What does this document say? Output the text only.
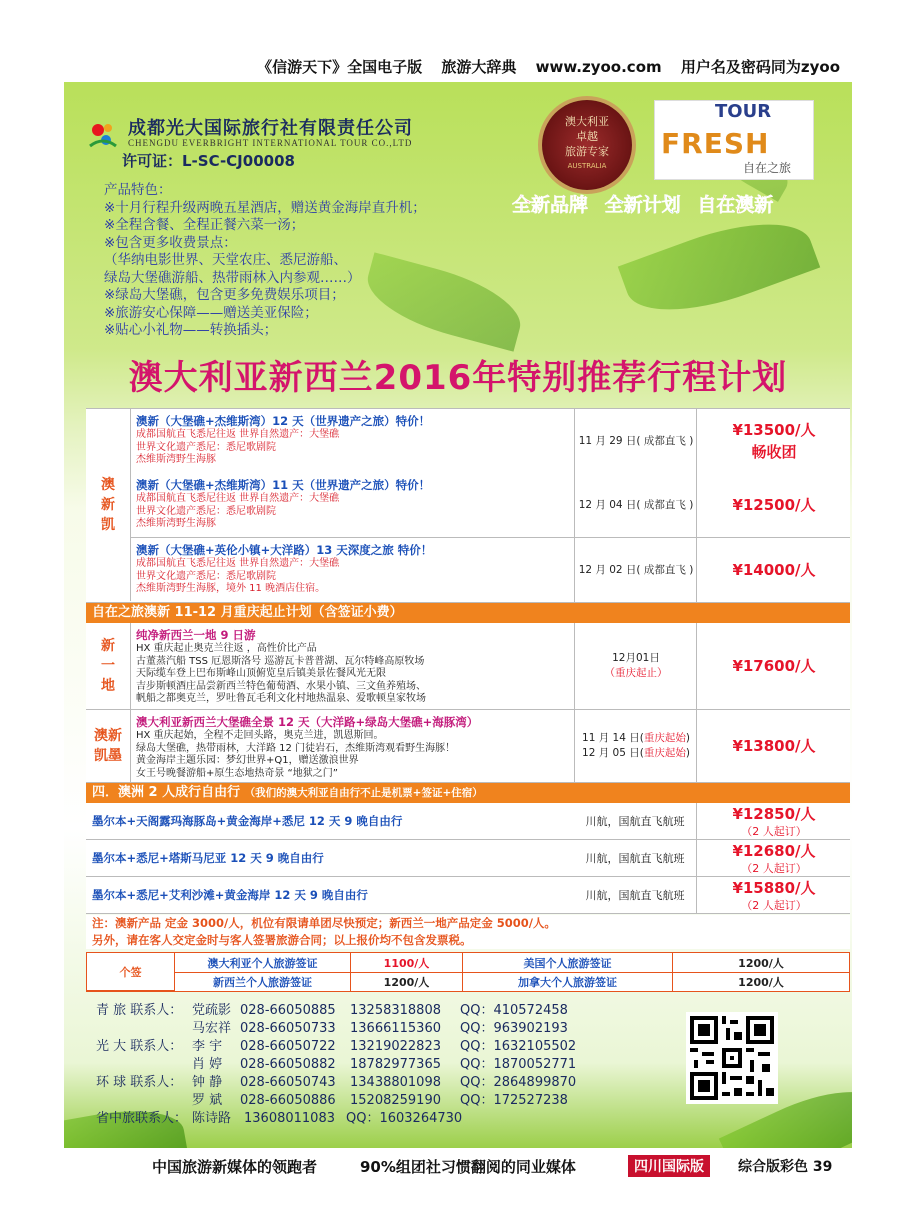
《信游天下》全国电子版 旅游大辞典 www.zyoo.com 用户名及密码同为zyoo
成都光大国际旅行社有限责任公司
CHENGDU EVERBRIGHT INTERNATIONAL TOUR CO.,LTD
许可证：L-SC-CJ00008
澳大利亚
卓越
旅游专家
AUSTRALIA
TOUR
FRESH
自在之旅
全新品牌 全新计划 自在澳新
产品特色：
※十月行程升级两晚五星酒店，赠送黄金海岸直升机；
※全程含餐、全程正餐六菜一汤；
※包含更多收费景点：
（华纳电影世界、天堂农庄、悉尼游船、
绿岛大堡礁游船、热带雨林入内参观……）
※绿岛大堡礁，包含更多免费娱乐项目；
※旅游安心保障——赠送美亚保险；
※贴心小礼物——转换插头；
澳大利亚新西兰2016年特别推荐行程计划
澳
新
凯
澳新（大堡礁+杰维斯湾）12 天（世界遗产之旅）特价！
成都国航直飞悉尼往返 世界自然遗产：大堡礁
世界文化遗产悉尼：悉尼歌剧院
杰维斯湾野生海豚
11 月 29 日( 成都直飞 )
¥13500/人
畅收团
澳新（大堡礁+杰维斯湾）11 天（世界遗产之旅）特价！
成都国航直飞悉尼往返 世界自然遗产：大堡礁
世界文化遗产悉尼：悉尼歌剧院
杰维斯湾野生海豚
12 月 04 日( 成都直飞 )	¥12500/人
澳新（大堡礁+英伦小镇+大洋路）13 天深度之旅 特价！
成都国航直飞悉尼往返 世界自然遗产：大堡礁
世界文化遗产悉尼：悉尼歌剧院
杰维斯湾野生海豚，境外 11 晚酒店住宿。
12 月 02 日( 成都直飞 )	¥14000/人
自在之旅澳新 11-12 月重庆起止计划（含签证小费）
新
一
地
纯净新西兰一地 9 日游
HX 重庆起止奥克兰往返 ，高性价比产品
古董蒸汽船 TSS 厄恩斯洛号 巡游瓦卡普普湖、瓦尔特峰高原牧场
天际缆车登上巴布斯峰山顶俯览皇后镇美景佐餐风光无限
吉步斯顿酒庄品尝新西兰特色葡萄酒、水果小镇、三文鱼养殖场、
帆船之都奥克兰，罗吐鲁瓦毛利文化村地热温泉、爱歌顿皇家牧场
12月01日
（重庆起止）	¥17600/人
澳新
凯墨
澳大利亚新西兰大堡礁全景 12 天（大洋路+绿岛大堡礁+海豚湾）
HX 重庆起始，全程不走回头路，奥克兰进，凯恩斯回。
绿岛大堡礁，热带雨林，大洋路 12 门徒岩石，杰维斯湾观看野生海豚！
黄金海岸主题乐园：梦幻世界+Q1，赠送激浪世界
女王号晚餐游船+原生态地热奇景 “地狱之门”
11 月 14 日(重庆起始)
12 月 05 日(重庆起始)	¥13800/人
四．澳洲 2 人成行自由行 （我们的澳大利亚自由行不止是机票+签证+住宿）
墨尔本+天阁露玛海豚岛+黄金海岸+悉尼 12 天 9 晚自由行	川航，国航直飞航班	¥12850/人
（2 人起订）
墨尔本+悉尼+塔斯马尼亚 12 天 9 晚自由行	川航，国航直飞航班	¥12680/人
（2 人起订）
墨尔本+悉尼+艾利沙滩+黄金海岸 12 天 9 晚自由行	川航，国航直飞航班	¥15880/人
（2 人起订）
注：澳新产品 定金 3000/人，机位有限请单团尽快预定；新西兰一地产品定金 5000/人。
另外，请在客人交定金时与客人签署旅游合同；以上报价均不包含发票税。
个签
澳大利亚个人旅游签证	1100/人	美国个人旅游签证	1200/人
新西兰个人旅游签证	1200/人	加拿大个人旅游签证	1200/人
青 旅 联系人： 党疏影 028-66050885 13258318808 QQ：410572458
马宏祥 028-66050733 13666115360 QQ：963902193
光 大 联系人： 李 宇 028-66050722 13219022823 QQ：1632105502
肖 婷 028-66050882 18782977365 QQ：1870052771
环 球 联系人： 钟 静 028-66050743 13438801098 QQ：2864899870
罗 斌 028-66050886 15208259190 QQ：172527238
省中旅联系人： 陈诗路 13608011083 QQ：1603264730
中国旅游新媒体的领跑者	90%组团社习惯翻阅的同业媒体	四川国际版	综合版彩色 39
